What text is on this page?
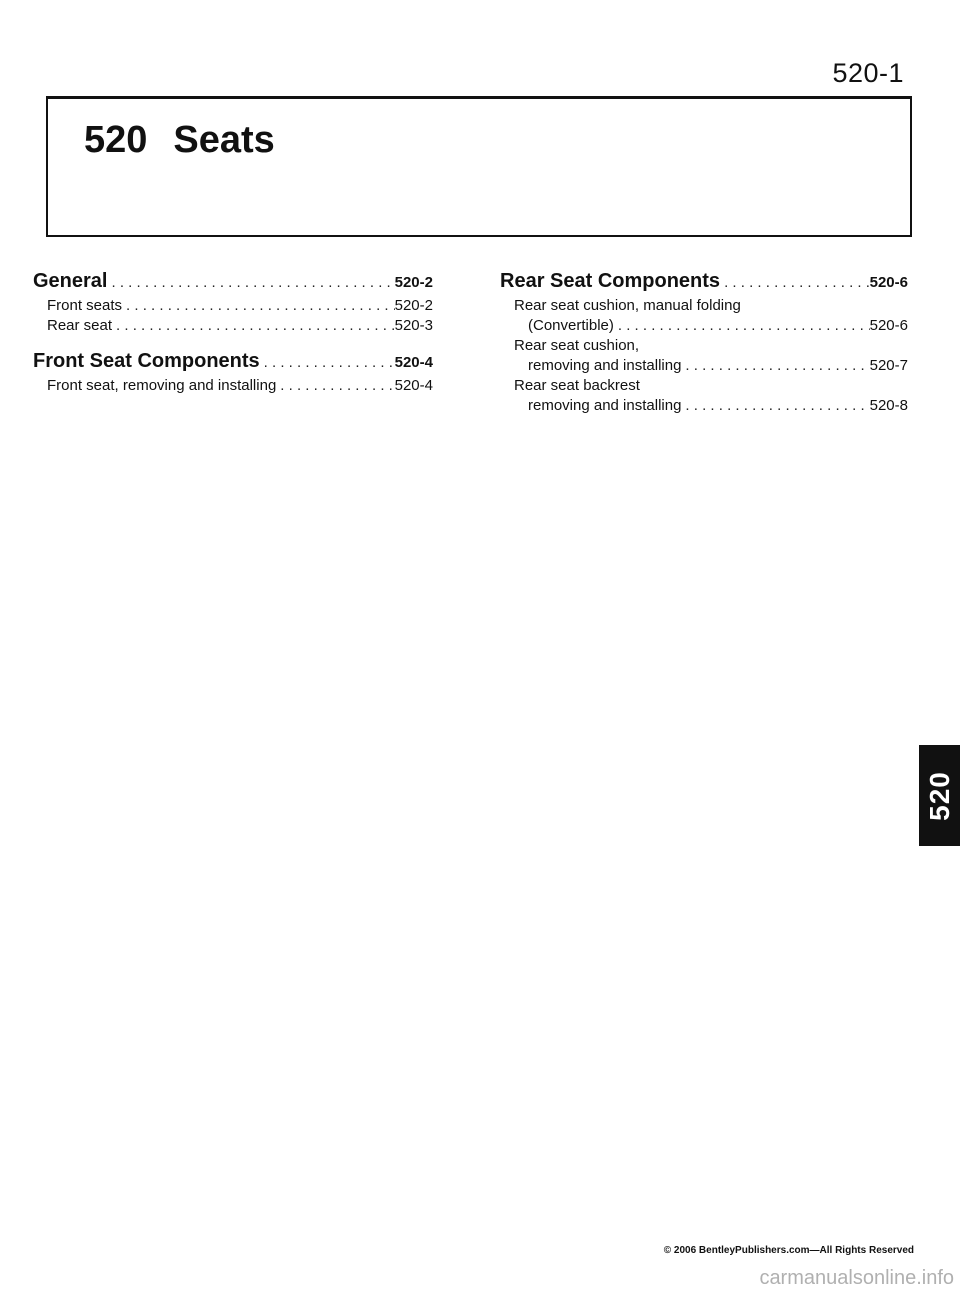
520-1
520 Seats
General . . .	520-2
Front seats . . .	520-2
Rear seat . . .	520-3
Front Seat Components . . .	520-4
Front seat, removing and installing . . .	520-4
Rear Seat Components . . .	520-6
Rear seat cushion, manual folding
(Convertible) . . .	520-6
Rear seat cushion,
removing and installing . . .	520-7
Rear seat backrest
removing and installing . . .	520-8
520
© 2006 BentleyPublishers.com—All Rights Reserved
carmanualsonline.info
